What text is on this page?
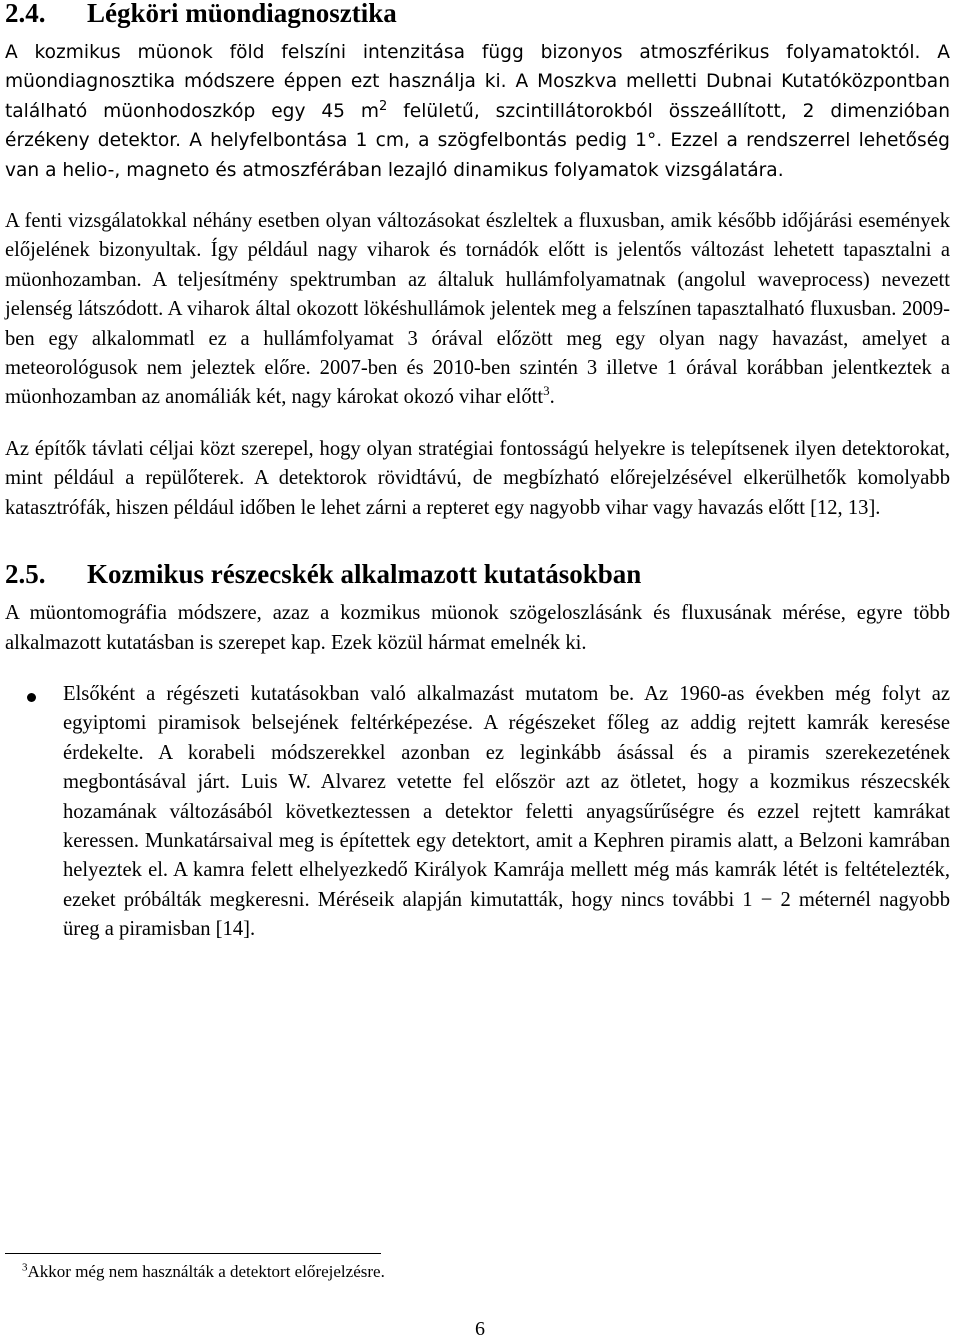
2.4. Légköri müondiagnosztika

A kozmikus müonok föld felszíni intenzitása függ bizonyos atmoszférikus folyamatoktól. A müondiagnosztika módszere éppen ezt használja ki. A Moszkva melletti Dubnai Kutatóközpontban található müonhodoszkóp egy 45 $m^2$ felületű, szcintillátorokból összeállított, 2 dimenzióban érzékeny detektor. A helyfelbontása 1 cm, a szögfelbontás pedig 1°. Ezzel a rendszerrel lehetőség van a helio-, magneto és atmoszférában lezajló dinamikus folyamatok vizsgálatára.

A fenti vizsgálatokkal néhány esetben olyan változásokat észleltek a fluxusban, amik később időjárási események előjelének bizonyultak. Így például nagy viharok és tornádók előtt is jelentős változást lehetett tapasztalni a müonhozamban. A teljesítmény spektrumban az általuk hullámfolyamatnak (angolul waveprocess) nevezett jelenség látszódott. A viharok által okozott lökéshullámok jelentek meg a felszínen tapasztalható fluxusban. 2009-ben egy alkalommatl ez a hullámfolyamat 3 órával előzött meg egy olyan nagy havazást, amelyet a meteorológusok nem jeleztek előre. 2007-ben és 2010-ben szintén 3 illetve 1 órával korábban jelentkeztek a müonhozamban az anomáliák két, nagy károkat okozó vihar előtt$^3$.

Az építők távlati céljai közt szerepel, hogy olyan stratégiai fontosságú helyekre is telepítsenek ilyen detektorokat, mint például a repülőterek. A detektorok rövidtávú, de megbízható előrejelzésével elkerülhetők komolyabb katasztrófák, hiszen például időben le lehet zárni a repteret egy nagyobb vihar vagy havazás előtt [12, 13].

2.5. Kozmikus részecskék alkalmazott kutatásokban

A müontomográfia módszere, azaz a kozmikus müonok szögeloszlásánk és fluxusának mérése, egyre több alkalmazott kutatásban is szerepet kap. Ezek közül hármat emelnék ki.

Elsőként a régészeti kutatásokban való alkalmazást mutatom be. Az 1960-as években még folyt az egyiptomi piramisok belsejének feltérképezése. A régészeket főleg az addig rejtett kamrák keresése érdekelte. A korabeli módszerekkel azonban ez leginkább ásással és a piramis szerekezetének megbontásával járt. Luis W. Alvarez vetette fel először azt az ötletet, hogy a kozmikus részecskék hozamának változásából következtessen a detektor feletti anyagsűrűségre és ezzel rejtett kamrákat keressen. Munkatársaival meg is építettek egy detektort, amit a Kephren piramis alatt, a Belzoni kamrában helyeztek el. A kamra felett elhelyezkedő Királyok Kamrája mellett még más kamrák létét is feltételezték, ezeket próbálták megkeresni. Méréseik alapján kimutatták, hogy nincs további 1 − 2 méternél nagyobb üreg a piramisban [14].

$^3$Akkor még nem használták a detektort előrejelzésre.
6
